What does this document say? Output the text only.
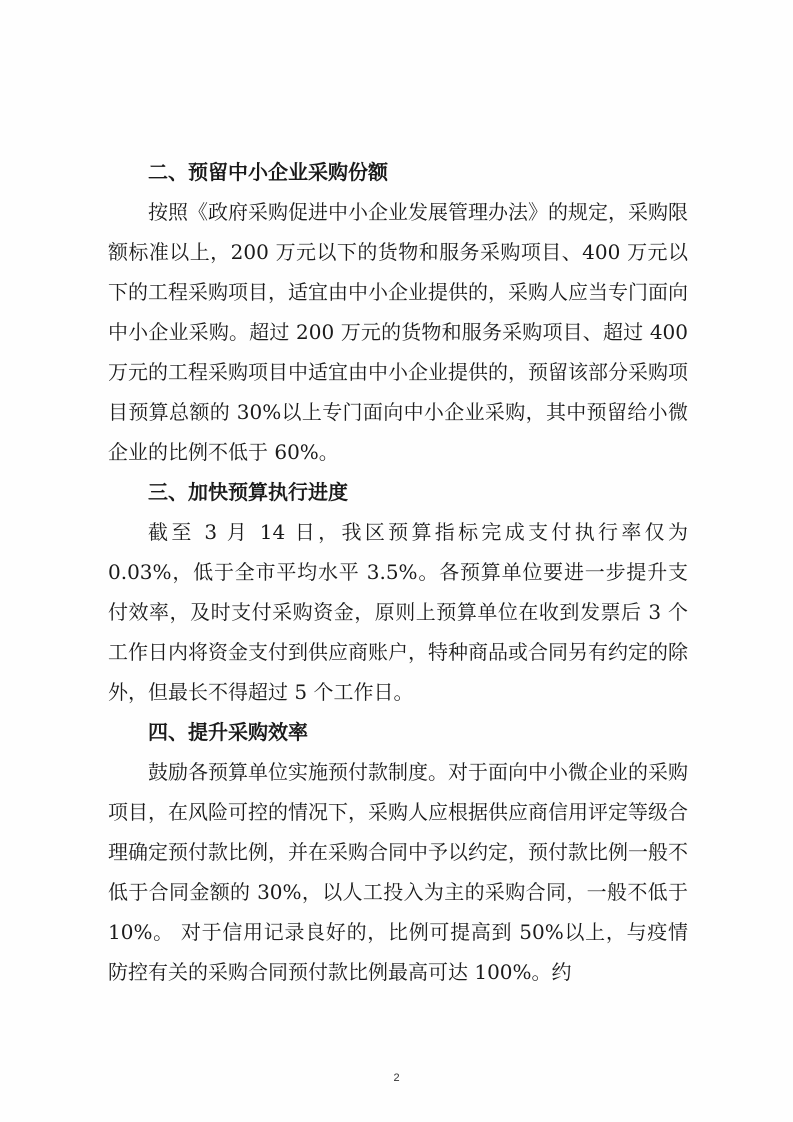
二、预留中小企业采购份额

按照《政府采购促进中小企业发展管理办法》的规定，采购限额标准以上，200 万元以下的货物和服务采购项目、400 万元以下的工程采购项目，适宜由中小企业提供的，采购人应当专门面向中小企业采购。超过 200 万元的货物和服务采购项目、超过 400 万元的工程采购项目中适宜由中小企业提供的，预留该部分采购项目预算总额的 30%以上专门面向中小企业采购，其中预留给小微企业的比例不低于 60%。

三、加快预算执行进度

截至 3 月 14 日，我区预算指标完成支付执行率仅为 0.03%，低于全市平均水平 3.5%。各预算单位要进一步提升支付效率，及时支付采购资金，原则上预算单位在收到发票后 3 个工作日内将资金支付到供应商账户，特种商品或合同另有约定的除外，但最长不得超过 5 个工作日。

四、提升采购效率

鼓励各预算单位实施预付款制度。对于面向中小微企业的采购项目，在风险可控的情况下，采购人应根据供应商信用评定等级合理确定预付款比例，并在采购合同中予以约定，预付款比例一般不低于合同金额的 30%，以人工投入为主的采购合同，一般不低于 10%。 对于信用记录良好的，比例可提高到 50%以上，与疫情防控有关的采购合同预付款比例最高可达 100%。约

2
